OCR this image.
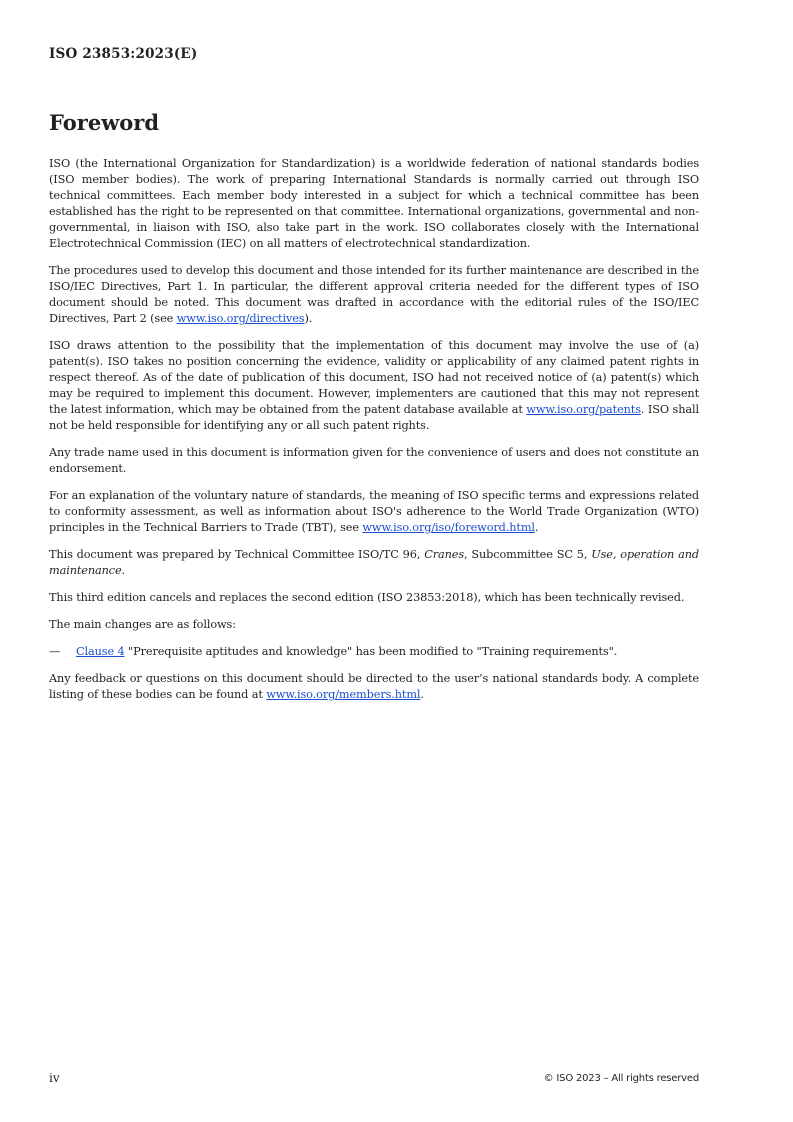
ISO 23853:2023(E)
Foreword

ISO (the International Organization for Standardization) is a worldwide federation of national standards bodies (ISO member bodies). The work of preparing International Standards is normally carried out through ISO technical committees. Each member body interested in a subject for which a technical committee has been established has the right to be represented on that committee. International organizations, governmental and non-governmental, in liaison with ISO, also take part in the work. ISO collaborates closely with the International Electrotechnical Commission (IEC) on all matters of electrotechnical standardization.

The procedures used to develop this document and those intended for its further maintenance are described in the ISO/IEC Directives, Part 1. In particular, the different approval criteria needed for the different types of ISO document should be noted. This document was drafted in accordance with the editorial rules of the ISO/IEC Directives, Part 2 (see www.iso.org/directives).

ISO draws attention to the possibility that the implementation of this document may involve the use of (a) patent(s). ISO takes no position concerning the evidence, validity or applicability of any claimed patent rights in respect thereof. As of the date of publication of this document, ISO had not received notice of (a) patent(s) which may be required to implement this document. However, implementers are cautioned that this may not represent the latest information, which may be obtained from the patent database available at www.iso.org/patents. ISO shall not be held responsible for identifying any or all such patent rights.

Any trade name used in this document is information given for the convenience of users and does not constitute an endorsement.

For an explanation of the voluntary nature of standards, the meaning of ISO specific terms and expressions related to conformity assessment, as well as information about ISO's adherence to the World Trade Organization (WTO) principles in the Technical Barriers to Trade (TBT), see www.iso.org/iso/foreword.html.

This document was prepared by Technical Committee ISO/TC 96, Cranes, Subcommittee SC 5, Use, operation and maintenance.

This third edition cancels and replaces the second edition (ISO 23853:2018), which has been technically revised.

The main changes are as follows:

—	Clause 4 "Prerequisite aptitudes and knowledge" has been modified to "Training requirements".

Any feedback or questions on this document should be directed to the user’s national standards body. A complete listing of these bodies can be found at www.iso.org/members.html.

iv	© ISO 2023 – All rights reserved
